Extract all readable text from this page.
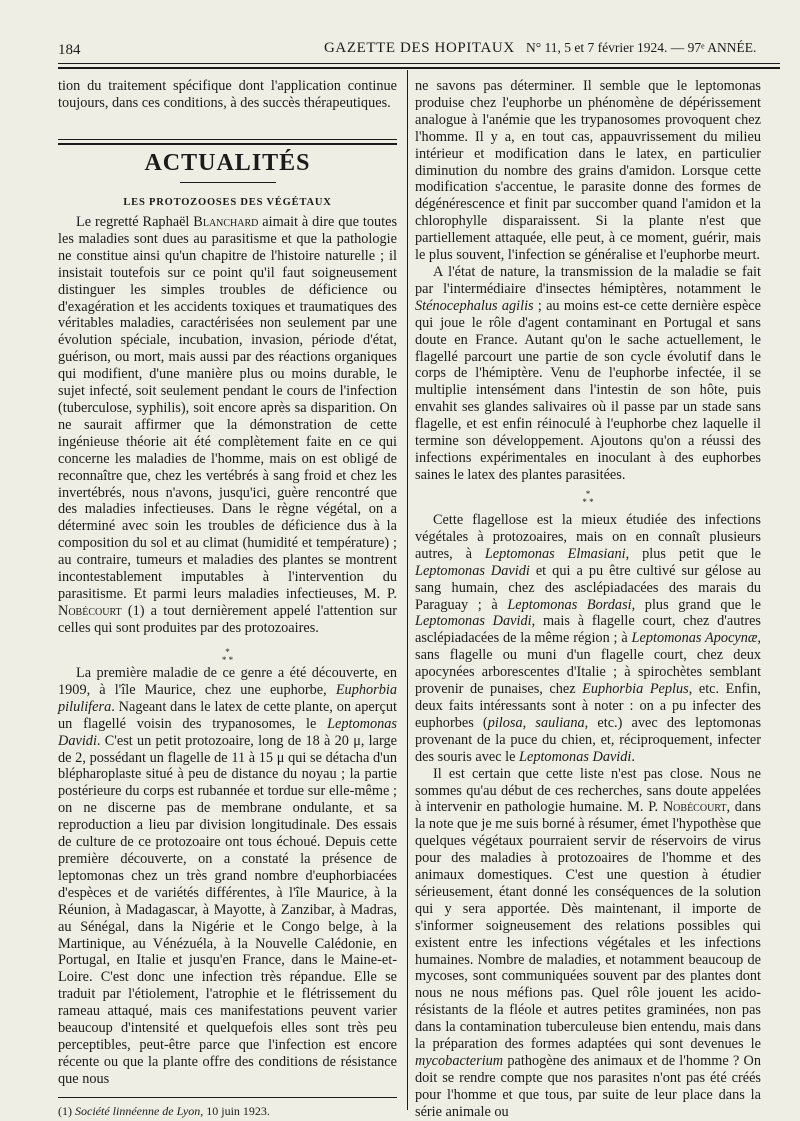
184	GAZETTE DES HOPITAUX N° 11, 5 et 7 février 1924. — 97ᵉ ANNÉE.

tion du traitement spécifique dont l'application continue toujours, dans ces conditions, à des succès thérapeutiques.

ACTUALITÉS
LES PROTOZOOSES DES VÉGÉTAUX

Le regretté Raphaël Blanchard aimait à dire que toutes les maladies sont dues au parasitisme et que la pathologie ne constitue ainsi qu'un chapitre de l'histoire naturelle ; il insistait toutefois sur ce point qu'il faut soigneusement distinguer les simples troubles de déficience ou d'exagération et les accidents toxiques et traumatiques des véritables maladies, caractérisées non seulement par une évolution spéciale, incubation, invasion, période d'état, guérison, ou mort, mais aussi par des réactions organiques qui modifient, d'une manière plus ou moins durable, le sujet infecté, soit seulement pendant le cours de l'infection (tuberculose, syphilis), soit encore après sa disparition. On ne saurait affirmer que la démonstration de cette ingénieuse théorie ait été complètement faite en ce qui concerne les maladies de l'homme, mais on est obligé de reconnaître que, chez les vertébrés à sang froid et chez les invertébrés, nous n'avons, jusqu'ici, guère rencontré que des maladies infectieuses. Dans le règne végétal, on a déterminé avec soin les troubles de déficience dus à la composition du sol et au climat (humidité et température) ; au contraire, tumeurs et maladies des plantes se montrent incontestablement imputables à l'intervention du parasitisme. Et parmi leurs maladies infectieuses, M. P. Nobécourt (1) a tout dernièrement appelé l'attention sur celles qui sont produites par des protozoaires.

*
* *

La première maladie de ce genre a été découverte, en 1909, à l'île Maurice, chez une euphorbe, Euphorbia pilulifera. Nageant dans le latex de cette plante, on aperçut un flagellé voisin des trypanosomes, le Leptomonas Davidi. C'est un petit protozoaire, long de 18 à 20 μ, large de 2, possédant un flagelle de 11 à 15 μ qui se détacha d'un blépharoplaste situé à peu de distance du noyau ; la partie postérieure du corps est rubannée et tordue sur elle-même ; on ne discerne pas de membrane ondulante, et sa reproduction a lieu par division longitudinale. Des essais de culture de ce protozoaire ont tous échoué. Depuis cette première découverte, on a constaté la présence de leptomonas chez un très grand nombre d'euphorbiacées d'espèces et de variétés différentes, à l'île Maurice, à la Réunion, à Madagascar, à Mayotte, à Zanzibar, à Madras, au Sénégal, dans la Nigérie et le Congo belge, à la Martinique, au Vénézuéla, à la Nouvelle Calédonie, en Portugal, en Italie et jusqu'en France, dans le Maine-et-Loire. C'est donc une infection très répandue. Elle se traduit par l'étiolement, l'atrophie et le flétrissement du rameau attaqué, mais ces manifestations peuvent varier beaucoup d'intensité et quelquefois elles sont très peu perceptibles, peut-être parce que l'infection est encore récente ou que la plante offre des conditions de résistance que nous

(1) Société linnéenne de Lyon, 10 juin 1923.

ne savons pas déterminer. Il semble que le leptomonas produise chez l'euphorbe un phénomène de dépérissement analogue à l'anémie que les trypanosomes provoquent chez l'homme. Il y a, en tout cas, appauvrissement du milieu intérieur et modification dans le latex, en particulier diminution du nombre des grains d'amidon. Lorsque cette modification s'accentue, le parasite donne des formes de dégénérescence et finit par succomber quand l'amidon et la chlorophylle disparaissent. Si la plante n'est que partiellement attaquée, elle peut, à ce moment, guérir, mais le plus souvent, l'infection se généralise et l'euphorbe meurt.

A l'état de nature, la transmission de la maladie se fait par l'intermédiaire d'insectes hémiptères, notamment le Sténocephalus agilis ; au moins est-ce cette dernière espèce qui joue le rôle d'agent contaminant en Portugal et sans doute en France. Autant qu'on le sache actuellement, le flagellé parcourt une partie de son cycle évolutif dans le corps de l'hémiptère. Venu de l'euphorbe infectée, il se multiplie intensément dans l'intestin de son hôte, puis envahit ses glandes salivaires où il passe par un stade sans flagelle, et est enfin réinoculé à l'euphorbe chez laquelle il termine son développement. Ajoutons qu'on a réussi des infections expérimentales en inoculant à des euphorbes saines le latex des plantes parasitées.

*
* *

Cette flagellose est la mieux étudiée des infections végétales à protozoaires, mais on en connaît plusieurs autres, à Leptomonas Elmasiani, plus petit que le Leptomonas Davidi et qui a pu être cultivé sur gélose au sang humain, chez des asclépiadacées des marais du Paraguay ; à Leptomonas Bordasi, plus grand que le Leptomonas Davidi, mais à flagelle court, chez d'autres asclépiadacées de la même région ; à Leptomonas Apocynæ, sans flagelle ou muni d'un flagelle court, chez deux apocynées arborescentes d'Italie ; à spirochètes semblant provenir de punaises, chez Euphorbia Peplus, etc. Enfin, deux faits intéressants sont à noter : on a pu infecter des euphorbes (pilosa, sauliana, etc.) avec des leptomonas provenant de la puce du chien, et, réciproquement, infecter des souris avec le Leptomonas Davidi.

Il est certain que cette liste n'est pas close. Nous ne sommes qu'au début de ces recherches, sans doute appelées à intervenir en pathologie humaine. M. P. Nobécourt, dans la note que je me suis borné à résumer, émet l'hypothèse que quelques végétaux pourraient servir de réservoirs de virus pour des maladies à protozoaires de l'homme et des animaux domestiques. C'est une question à étudier sérieusement, étant donné les conséquences de la solution qui y sera apportée. Dès maintenant, il importe de s'informer soigneusement des relations possibles qui existent entre les infections végétales et les infections humaines. Nombre de maladies, et notamment beaucoup de mycoses, sont communiquées souvent par des plantes dont nous ne nous méfions pas. Quel rôle jouent les acido-résistants de la fléole et autres petites graminées, non pas dans la contamination tuberculeuse bien entendu, mais dans la préparation des formes adaptées qui sont devenues le mycobacterium pathogène des animaux et de l'homme ? On doit se rendre compte que nos parasites n'ont pas été créés pour l'homme et que tous, par suite de leur place dans la série animale ou
